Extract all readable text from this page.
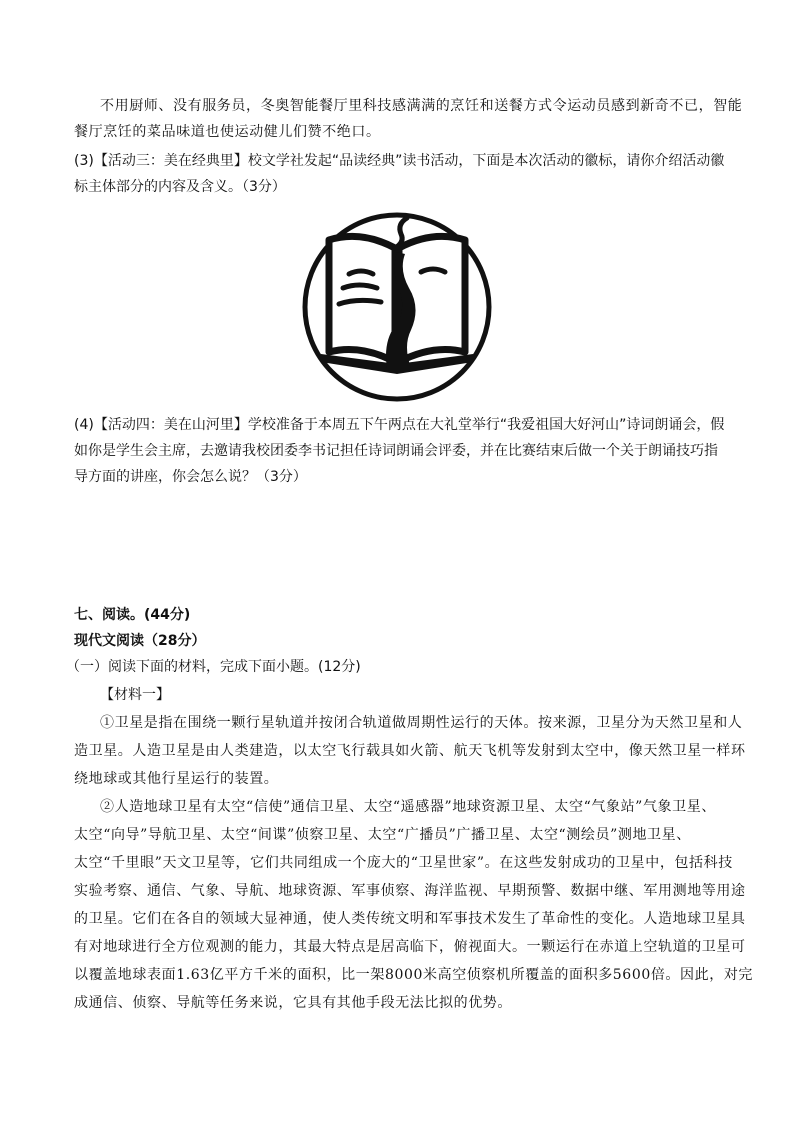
不用厨师、没有服务员，冬奥智能餐厅里科技感满满的烹饪和送餐方式令运动员感到新奇不已，智能

餐厅烹饪的菜品味道也使运动健儿们赞不绝口。

(3)【活动三：美在经典里】校文学社发起“品读经典”读书活动，下面是本次活动的徽标，请你介绍活动徽

标主体部分的内容及含义。（3分）

(4)【活动四：美在山河里】学校准备于本周五下午两点在大礼堂举行“我爱祖国大好河山”诗词朗诵会，假

如你是学生会主席，去邀请我校团委李书记担任诗词朗诵会评委，并在比赛结束后做一个关于朗诵技巧指

导方面的讲座，你会怎么说？（3分）

七、阅读。(44分)

现代文阅读（28分）

（一）阅读下面的材料，完成下面小题。(12分)

【材料一】

①卫星是指在围绕一颗行星轨道并按闭合轨道做周期性运行的天体。按来源，卫星分为天然卫星和人

造卫星。人造卫星是由人类建造，以太空飞行载具如火箭、航天飞机等发射到太空中，像天然卫星一样环

绕地球或其他行星运行的装置。

②人造地球卫星有太空“信使”通信卫星、太空“遥感器”地球资源卫星、太空“气象站”气象卫星、

太空“向导”导航卫星、太空“间谍”侦察卫星、太空“广播员”广播卫星、太空“测绘员”测地卫星、

太空“千里眼”天文卫星等，它们共同组成一个庞大的“卫星世家”。在这些发射成功的卫星中，包括科技

实验考察、通信、气象、导航、地球资源、军事侦察、海洋监视、早期预警、数据中继、军用测地等用途

的卫星。它们在各自的领域大显神通，使人类传统文明和军事技术发生了革命性的变化。人造地球卫星具

有对地球进行全方位观测的能力，其最大特点是居高临下，俯视面大。一颗运行在赤道上空轨道的卫星可

以覆盖地球表面1.63亿平方千米的面积，比一架8000米高空侦察机所覆盖的面积多5600倍。因此，对完

成通信、侦察、导航等任务来说，它具有其他手段无法比拟的优势。
